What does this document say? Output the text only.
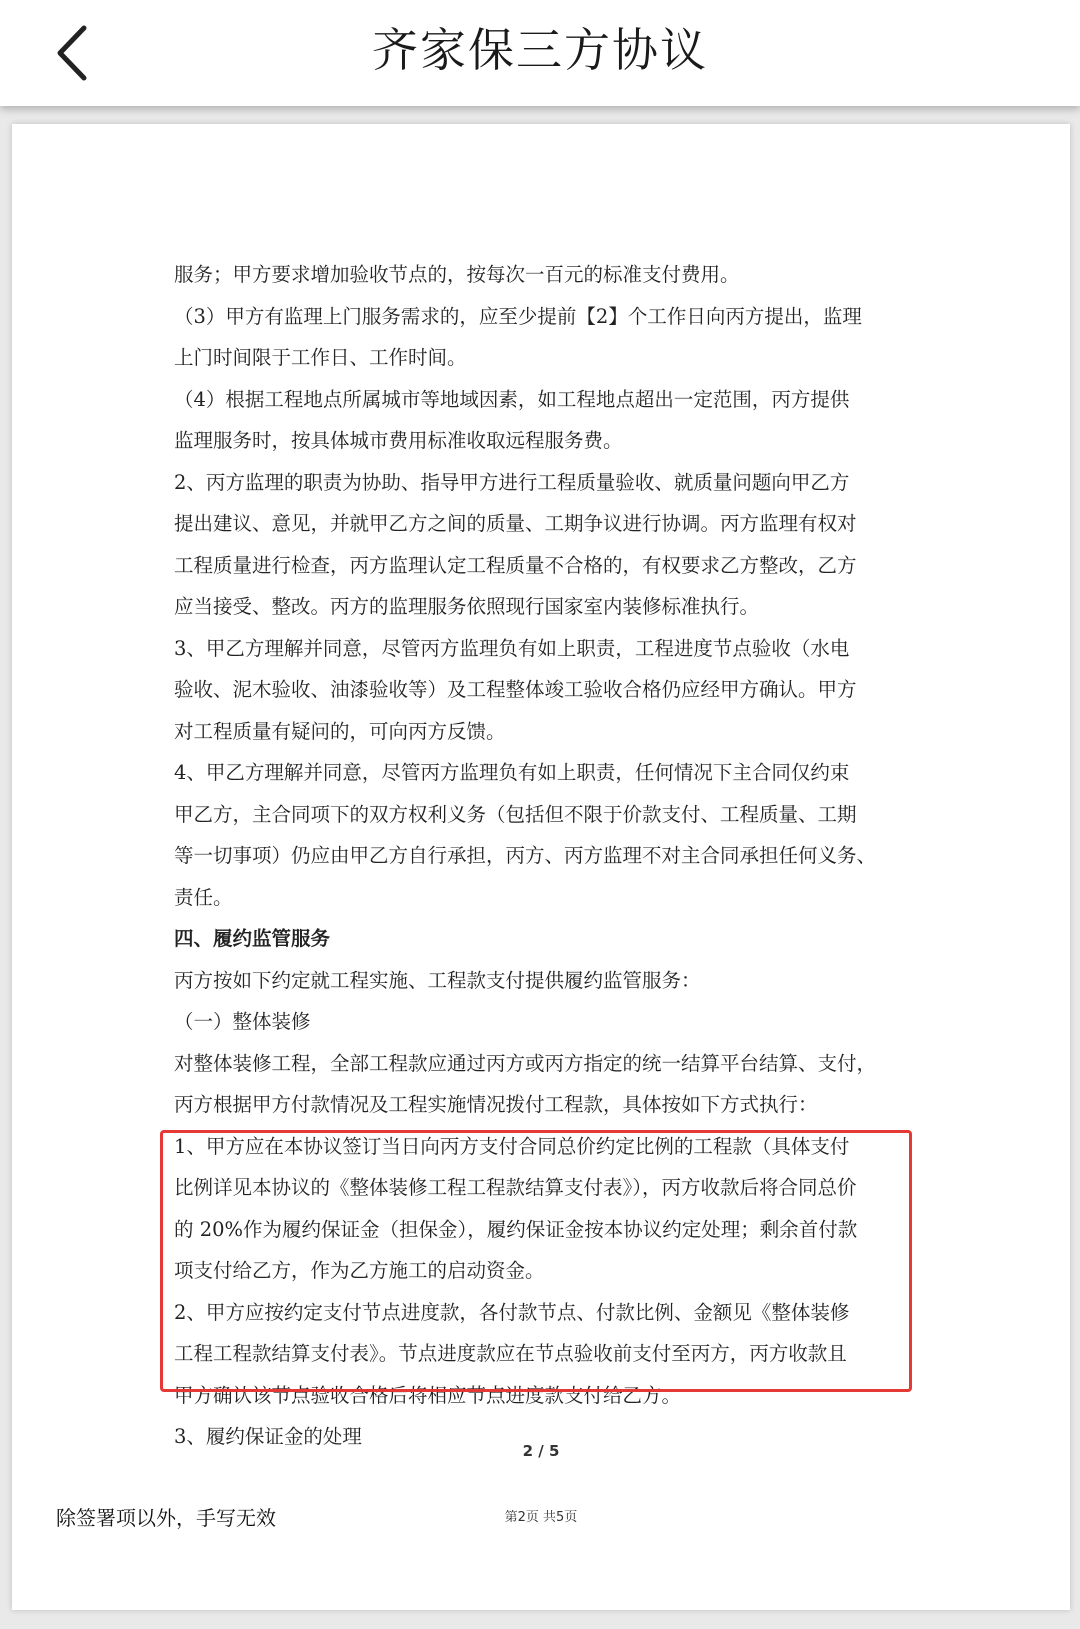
齐家保三方协议

服务；甲方要求增加验收节点的，按每次一百元的标准支付费用。

（3）甲方有监理上门服务需求的，应至少提前【2】个工作日向丙方提出，监理

上门时间限于工作日、工作时间。

（4）根据工程地点所属城市等地域因素，如工程地点超出一定范围，丙方提供

监理服务时，按具体城市费用标准收取远程服务费。

2、丙方监理的职责为协助、指导甲方进行工程质量验收、就质量问题向甲乙方

提出建议、意见，并就甲乙方之间的质量、工期争议进行协调。丙方监理有权对

工程质量进行检查，丙方监理认定工程质量不合格的，有权要求乙方整改，乙方

应当接受、整改。丙方的监理服务依照现行国家室内装修标准执行。

3、甲乙方理解并同意，尽管丙方监理负有如上职责，工程进度节点验收（水电

验收、泥木验收、油漆验收等）及工程整体竣工验收合格仍应经甲方确认。甲方

对工程质量有疑问的，可向丙方反馈。

4、甲乙方理解并同意，尽管丙方监理负有如上职责，任何情况下主合同仅约束

甲乙方，主合同项下的双方权利义务（包括但不限于价款支付、工程质量、工期

等一切事项）仍应由甲乙方自行承担，丙方、丙方监理不对主合同承担任何义务、

责任。

四、履约监管服务

丙方按如下约定就工程实施、工程款支付提供履约监管服务：

（一）整体装修

对整体装修工程，全部工程款应通过丙方或丙方指定的统一结算平台结算、支付，

丙方根据甲方付款情况及工程实施情况拨付工程款，具体按如下方式执行：

1、甲方应在本协议签订当日向丙方支付合同总价约定比例的工程款（具体支付

比例详见本协议的《整体装修工程工程款结算支付表》），丙方收款后将合同总价

的 20%作为履约保证金（担保金），履约保证金按本协议约定处理；剩余首付款

项支付给乙方，作为乙方施工的启动资金。

2、甲方应按约定支付节点进度款，各付款节点、付款比例、金额见《整体装修

工程工程款结算支付表》。节点进度款应在节点验收前支付至丙方，丙方收款且

甲方确认该节点验收合格后将相应节点进度款支付给乙方。

3、履约保证金的处理

2 / 5
除签署项以外，手写无效	第2页 共5页
